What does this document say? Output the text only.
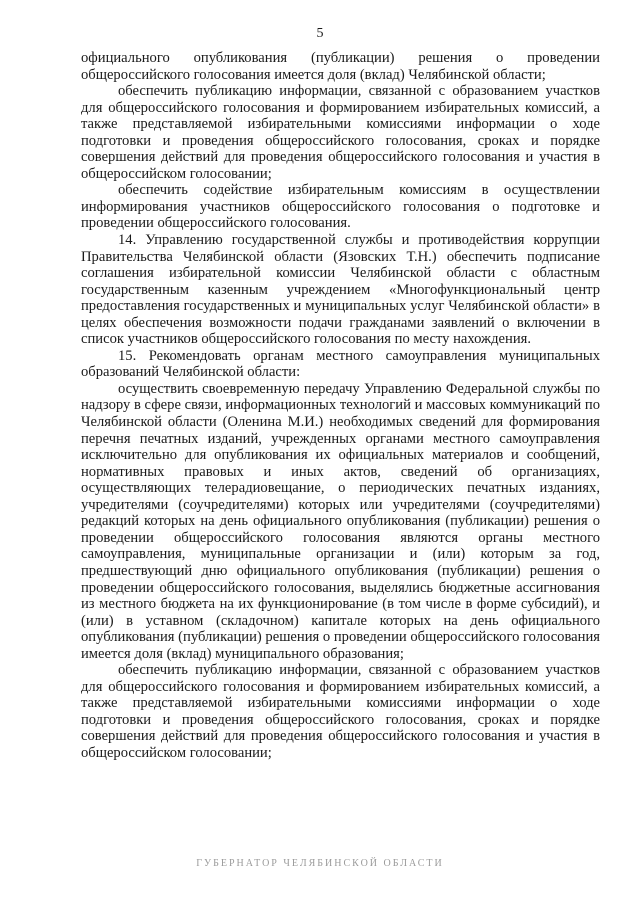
5

официального опубликования (публикации) решения о проведении общероссийского голосования имеется доля (вклад) Челябинской области;

обеспечить публикацию информации, связанной с образованием участков для общероссийского голосования и формированием избирательных комиссий, а также представляемой избирательными комиссиями информации о ходе подготовки и проведения общероссийского голосования, сроках и порядке совершения действий для проведения общероссийского голосования и участия в общероссийском голосовании;

обеспечить содействие избирательным комиссиям в осуществлении информирования участников общероссийского голосования о подготовке и проведении общероссийского голосования.

14. Управлению государственной службы и противодействия коррупции Правительства Челябинской области (Язовских Т.Н.) обеспечить подписание соглашения избирательной комиссии Челябинской области с областным государственным казенным учреждением «Многофункциональный центр предоставления государственных и муниципальных услуг Челябинской области» в целях обеспечения возможности подачи гражданами заявлений о включении в список участников общероссийского голосования по месту нахождения.

15. Рекомендовать органам местного самоуправления муниципальных образований Челябинской области:

осуществить своевременную передачу Управлению Федеральной службы по надзору в сфере связи, информационных технологий и массовых коммуникаций по Челябинской области (Оленина М.И.) необходимых сведений для формирования перечня печатных изданий, учрежденных органами местного самоуправления исключительно для опубликования их официальных материалов и сообщений, нормативных правовых и иных актов, сведений об организациях, осуществляющих телерадиовещание, о периодических печатных изданиях, учредителями (соучредителями) которых или учредителями (соучредителями) редакций которых на день официального опубликования (публикации) решения о проведении общероссийского голосования являются органы местного самоуправления, муниципальные организации и (или) которым за год, предшествующий дню официального опубликования (публикации) решения о проведении общероссийского голосования, выделялись бюджетные ассигнования из местного бюджета на их функционирование (в том числе в форме субсидий), и (или) в уставном (складочном) капитале которых на день официального опубликования (публикации) решения о проведении общероссийского голосования имеется доля (вклад) муниципального образования;

обеспечить публикацию информации, связанной с образованием участков для общероссийского голосования и формированием избирательных комиссий, а также представляемой избирательными комиссиями информации о ходе подготовки и проведения общероссийского голосования, сроках и порядке совершения действий для проведения общероссийского голосования и участия в общероссийском голосовании;

ГУБЕРНАТОР ЧЕЛЯБИНСКОЙ ОБЛАСТИ
